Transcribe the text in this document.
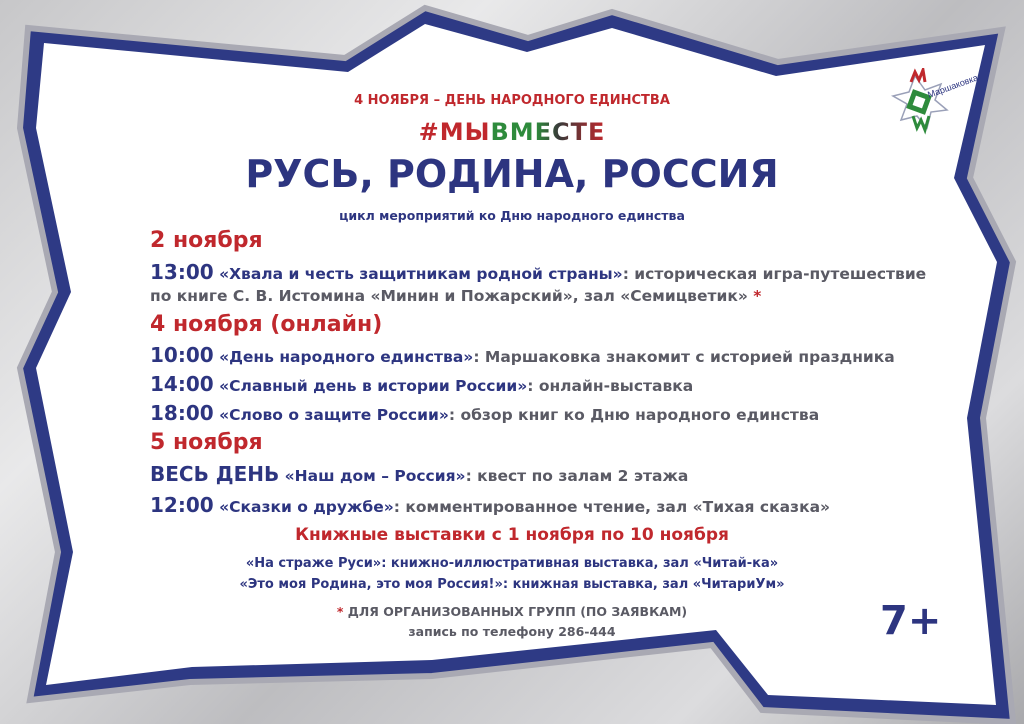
Маршаковка
4 НОЯБРЯ – ДЕНЬ НАРОДНОГО ЕДИНСТВА
#МЫВМЕСТЕ
РУСЬ, РОДИНА, РОССИЯ
цикл мероприятий ко Дню народного единства
2 ноября
13:00 «Хвала и честь защитникам родной страны»: историческая игра-путешествие
по книге С. В. Истомина «Минин и Пожарский», зал «Семицветик» *
4 ноября (онлайн)
10:00 «День народного единства»: Маршаковка знакомит с историей праздника
14:00 «Славный день в истории России»: онлайн-выставка
18:00 «Слово о защите России»: обзор книг ко Дню народного единства
5 ноября
ВЕСЬ ДЕНЬ «Наш дом – Россия»: квест по залам 2 этажа
12:00 «Сказки о дружбе»: комментированное чтение, зал «Тихая сказка»
Книжные выставки с 1 ноября по 10 ноября
«На страже Руси»: книжно-иллюстративная выставка, зал «Читай-ка»
«Это моя Родина, это моя Россия!»: книжная выставка, зал «ЧитариУм»
* ДЛЯ ОРГАНИЗОВАННЫХ ГРУПП (ПО ЗАЯВКАМ)
запись по телефону 286-444	7+
